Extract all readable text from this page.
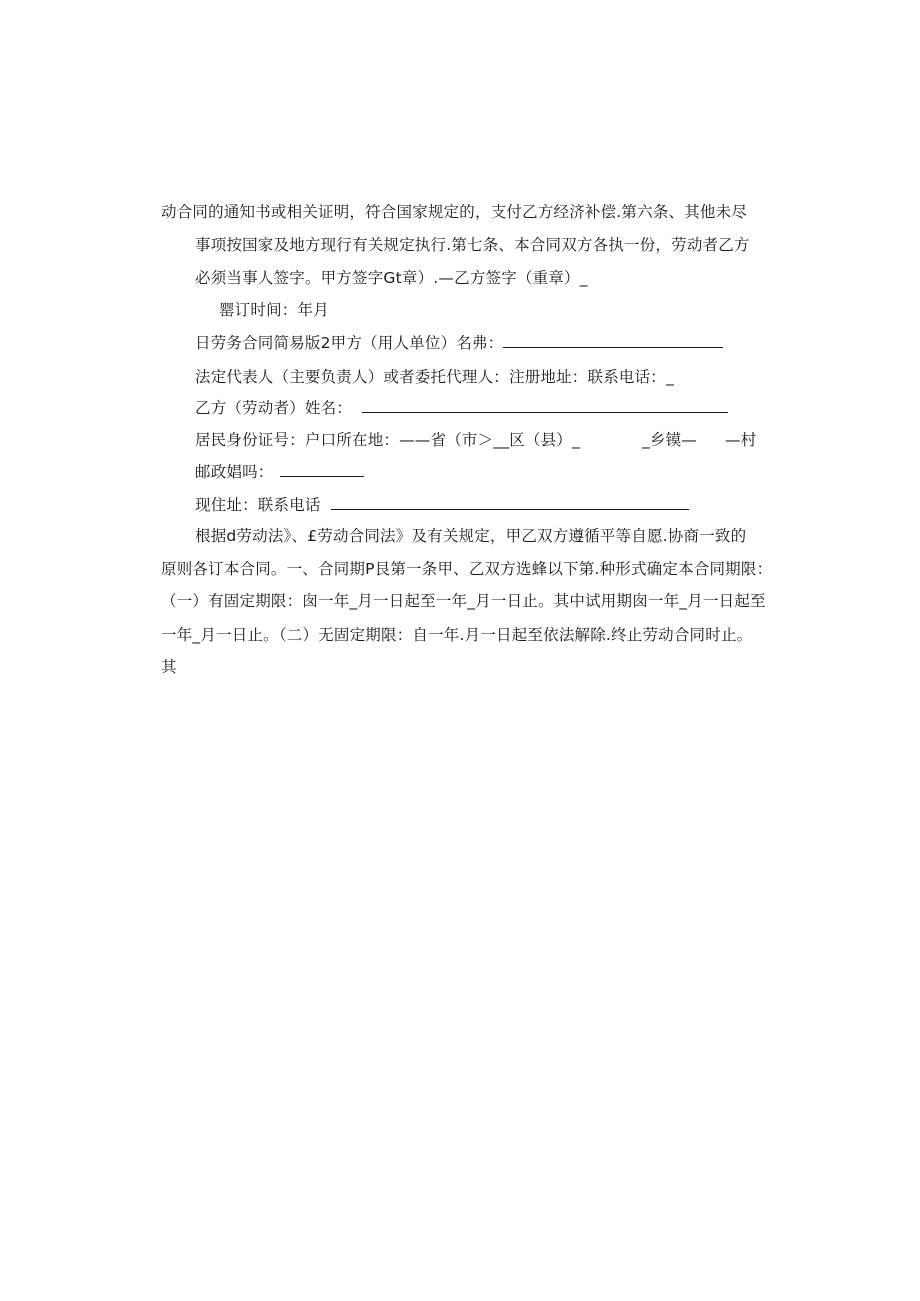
动合同的通知书或相关证明，符合国家规定的，支付乙方经济补偿.第六条、其他未尽
事项按国家及地方现行有关规定执行.第七条、本合同双方各执一份，劳动者乙方
必须当事人签字。甲方签字Gt章）.—乙方签字（重章）_
罂订时间：年月
日劳务合同简易版2甲方（用人单位）名弗：
法定代表人（主要负责人）或者委托代理人：注册地址：联系电话：_
乙方（劳动者）姓名：
居民身份证号：户口所在地：——省（市＞__区（县）_	_乡镆— —村
邮政娼吗：
现住址：联系电话
根据d劳动法》、£劳动合同法》及有关规定，甲乙双方遵循平等自愿.协商一致的
原则各订本合同。一、合同期P艮第一条甲、乙双方选蜂以下第.种形式确定本合同期限：
（一）有固定期限：囱一年_月一日起至一年_月一日止。其中试用期囱一年_月一日起至
一年_月一日止。（二）无固定期限：自一年.月一日起至依法解除.终止劳动合同时止。
其
